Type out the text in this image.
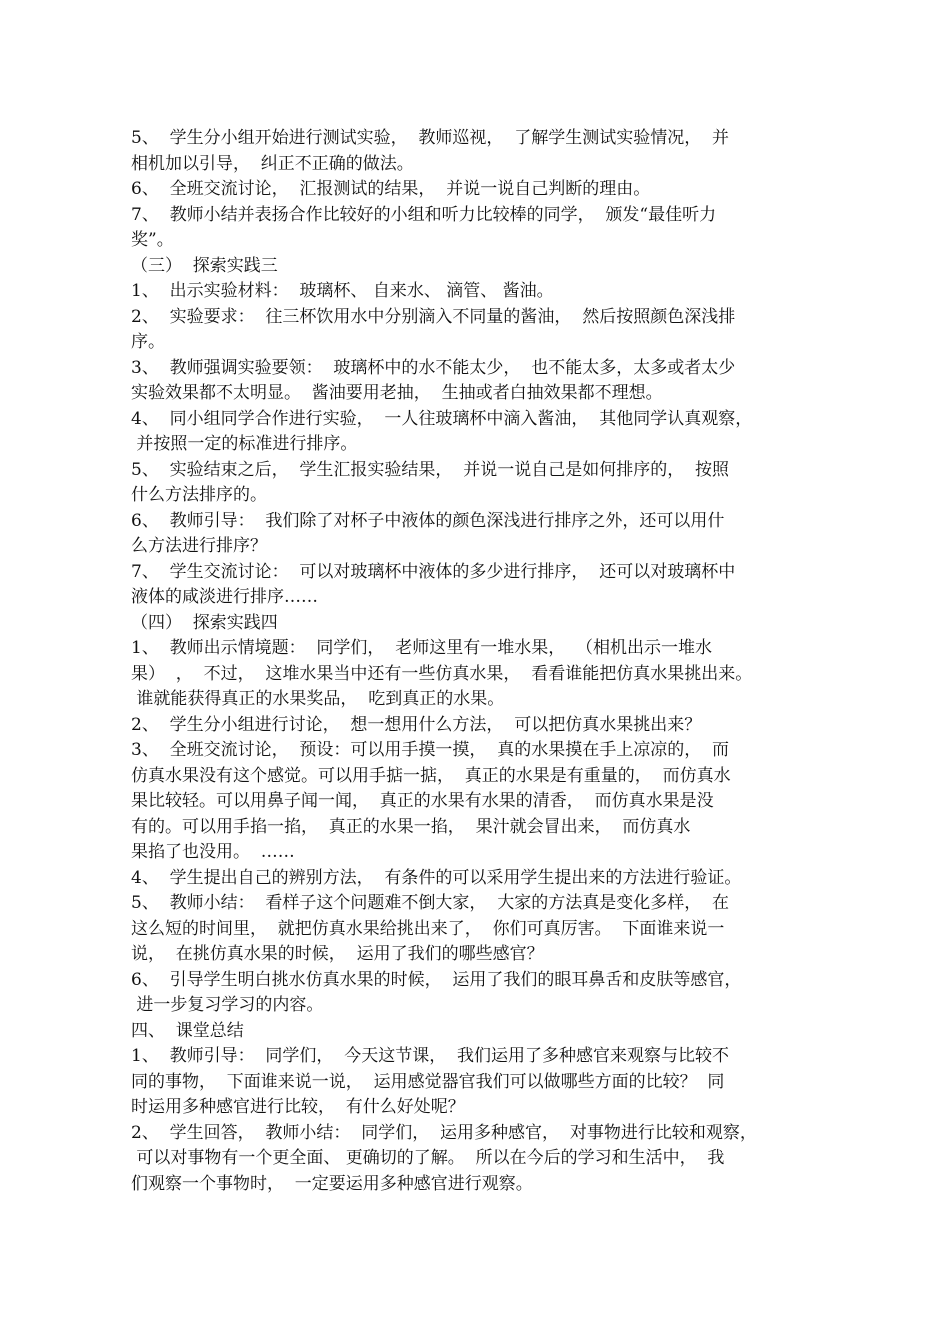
5、  学生分小组开始进行测试实验，  教师巡视，  了解学生测试实验情况，  并
相机加以引导，  纠正不正确的做法。
6、  全班交流讨论，  汇报测试的结果，  并说一说自己判断的理由。
7、  教师小结并表扬合作比较好的小组和听力比较棒的同学，  颁发“最佳听力
奖”。
（三）  探索实践三
1、  出示实验材料：  玻璃杯、 自来水、 滴管、 酱油。
2、  实验要求：  往三杯饮用水中分别滴入不同量的酱油，  然后按照颜色深浅排
序。
3、  教师强调实验要领：  玻璃杯中的水不能太少，  也不能太多，太多或者太少
实验效果都不太明显。  酱油要用老抽，  生抽或者白抽效果都不理想。
4、  同小组同学合作进行实验，  一人往玻璃杯中滴入酱油，  其他同学认真观察，
并按照一定的标准进行排序。
5、  实验结束之后，  学生汇报实验结果，  并说一说自己是如何排序的，  按照
什么方法排序的。
6、  教师引导：  我们除了对杯子中液体的颜色深浅进行排序之外，还可以用什
么方法进行排序？
7、  学生交流讨论：  可以对玻璃杯中液体的多少进行排序，  还可以对玻璃杯中
液体的咸淡进行排序……
（四）  探索实践四
1、  教师出示情境题：  同学们，  老师这里有一堆水果，  （相机出示一堆水
果）  ，  不过，  这堆水果当中还有一些仿真水果，  看看谁能把仿真水果挑出来。
谁就能获得真正的水果奖品，  吃到真正的水果。
2、  学生分小组进行讨论，  想一想用什么方法，  可以把仿真水果挑出来？
3、  全班交流讨论，  预设：可以用手摸一摸，  真的水果摸在手上凉凉的，  而
仿真水果没有这个感觉。可以用手掂一掂，  真正的水果是有重量的，  而仿真水
果比较轻。可以用鼻子闻一闻，  真正的水果有水果的清香，  而仿真水果是没
有的。可以用手掐一掐，  真正的水果一掐，  果汁就会冒出来，  而仿真水
果掐了也没用。  ……
4、  学生提出自己的辨别方法，  有条件的可以采用学生提出来的方法进行验证。
5、  教师小结：  看样子这个问题难不倒大家，  大家的方法真是变化多样，  在
这么短的时间里，  就把仿真水果给挑出来了，  你们可真厉害。  下面谁来说一
说，  在挑仿真水果的时候，  运用了我们的哪些感官？
6、  引导学生明白挑水仿真水果的时候，  运用了我们的眼耳鼻舌和皮肤等感官，
进一步复习学习的内容。
四、  课堂总结
1、  教师引导：  同学们，  今天这节课，  我们运用了多种感官来观察与比较不
同的事物，  下面谁来说一说，  运用感觉器官我们可以做哪些方面的比较？  同
时运用多种感官进行比较，  有什么好处呢？
2、  学生回答，  教师小结：  同学们，  运用多种感官，  对事物进行比较和观察，
可以对事物有一个更全面、 更确切的了解。  所以在今后的学习和生活中，  我
们观察一个事物时，  一定要运用多种感官进行观察。
